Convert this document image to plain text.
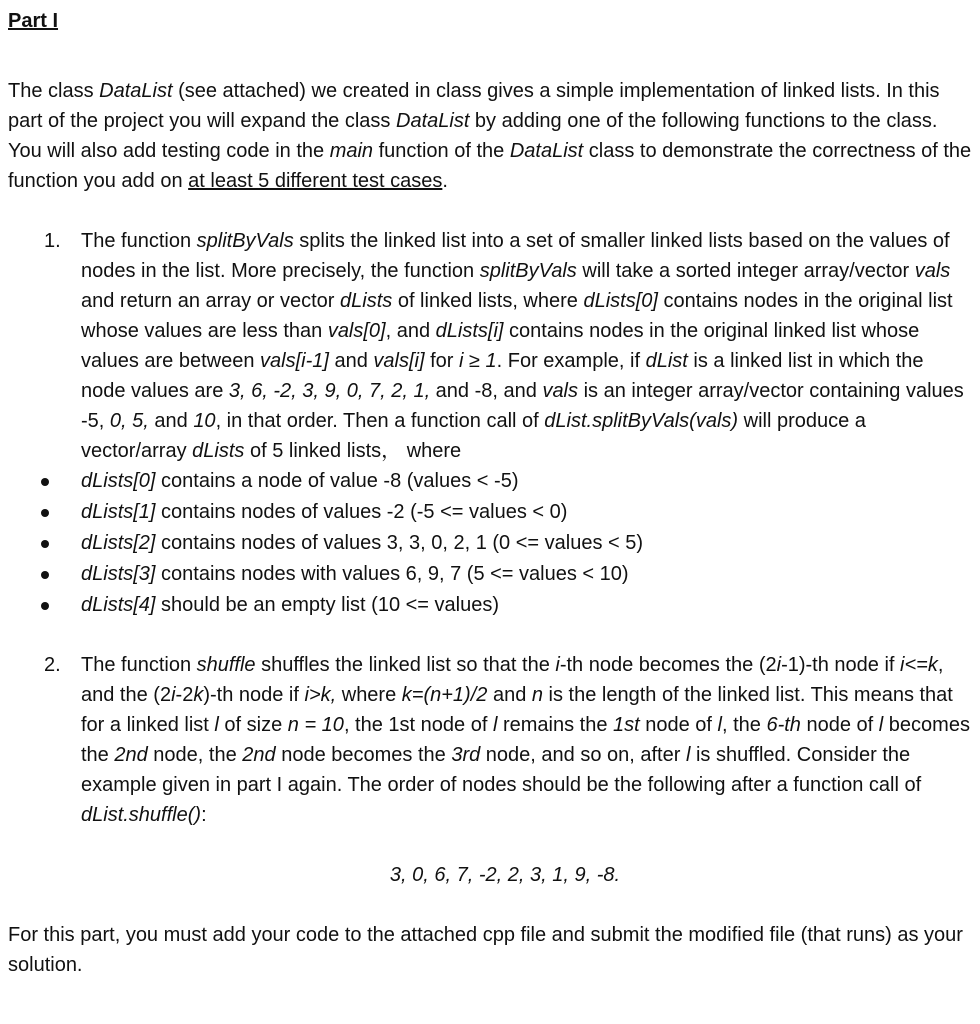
Part I

The class DataList (see attached) we created in class gives a simple implementation of linked lists. In this part of the project you will expand the class DataList by adding one of the following functions to the class. You will also add testing code in the main function of the DataList class to demonstrate the correctness of the function you add on at least 5 different test cases.

1. The function splitByVals splits the linked list into a set of smaller linked lists based on the values of nodes in the list. More precisely, the function splitByVals will take a sorted integer array/vector vals and return an array or vector dLists of linked lists, where dLists[0] contains nodes in the original list whose values are less than vals[0], and dLists[i] contains nodes in the original linked list whose values are between vals[i-1] and vals[i] for i ≥ 1. For example, if dList is a linked list in which the node values are 3, 6, -2, 3, 9, 0, 7, 2, 1, and -8, and vals is an integer array/vector containing values -5, 0, 5, and 10, in that order. Then a function call of dList.splitByVals(vals) will produce a vector/array dLists of 5 linked lists， where
dLists[0] contains a node of value -8 (values < -5)
dLists[1] contains nodes of values -2 (-5 <= values < 0)
dLists[2] contains nodes of values 3, 3, 0, 2, 1 (0 <= values < 5)
dLists[3] contains nodes with values 6, 9, 7 (5 <= values < 10)
dLists[4] should be an empty list (10 <= values)
2. The function shuffle shuffles the linked list so that the i-th node becomes the (2i-1)-th node if i<=k, and the (2i-2k)-th node if i>k, where k=(n+1)/2 and n is the length of the linked list. This means that for a linked list l of size n = 10, the 1st node of l remains the 1st node of l, the 6-th node of l becomes the 2nd node, the 2nd node becomes the 3rd node, and so on, after l is shuffled. Consider the example given in part I again. The order of nodes should be the following after a function call of dList.shuffle():

3, 0, 6, 7, -2, 2, 3, 1, 9, -8.

For this part, you must add your code to the attached cpp file and submit the modified file (that runs) as your solution.
